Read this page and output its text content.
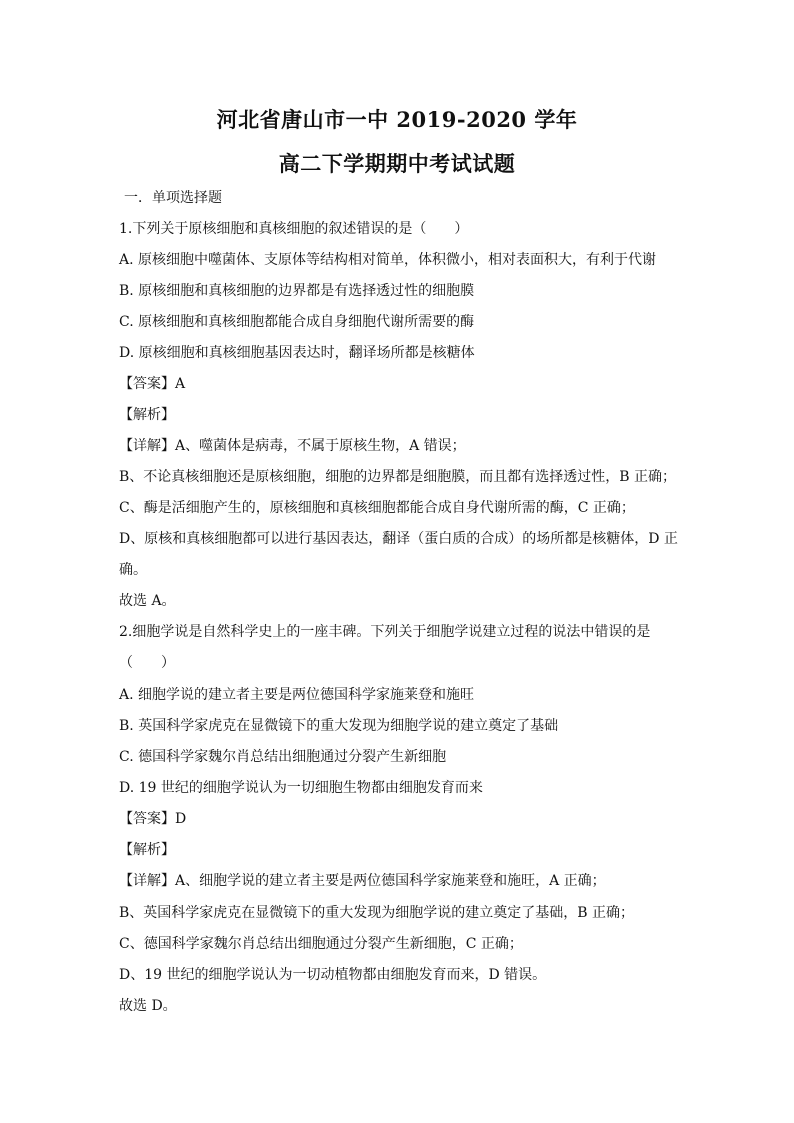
河北省唐山市一中 2019-2020 学年
高二下学期期中考试试题
一．单项选择题
1.下列关于原核细胞和真核细胞的叙述错误的是（　　）
A. 原核细胞中噬菌体、支原体等结构相对简单，体积微小，相对表面积大，有利于代谢
B. 原核细胞和真核细胞的边界都是有选择透过性的细胞膜
C. 原核细胞和真核细胞都能合成自身细胞代谢所需要的酶
D. 原核细胞和真核细胞基因表达时，翻译场所都是核糖体
【答案】A
【解析】
【详解】A、噬菌体是病毒，不属于原核生物，A 错误；
B、不论真核细胞还是原核细胞，细胞的边界都是细胞膜，而且都有选择透过性，B 正确；
C、酶是活细胞产生的，原核细胞和真核细胞都能合成自身代谢所需的酶，C 正确；
D、原核和真核细胞都可以进行基因表达，翻译（蛋白质的合成）的场所都是核糖体，D 正
确。
故选 A。
2.细胞学说是自然科学史上的一座丰碑。下列关于细胞学说建立过程的说法中错误的是
（　　）
A. 细胞学说的建立者主要是两位德国科学家施莱登和施旺
B. 英国科学家虎克在显微镜下的重大发现为细胞学说的建立奠定了基础
C. 德国科学家魏尔肖总结出细胞通过分裂产生新细胞
D. 19 世纪的细胞学说认为一切细胞生物都由细胞发育而来
【答案】D
【解析】
【详解】A、细胞学说的建立者主要是两位德国科学家施莱登和施旺，A 正确；
B、英国科学家虎克在显微镜下的重大发现为细胞学说的建立奠定了基础，B 正确；
C、德国科学家魏尔肖总结出细胞通过分裂产生新细胞，C 正确；
D、19 世纪的细胞学说认为一切动植物都由细胞发育而来，D 错误。
故选 D。
